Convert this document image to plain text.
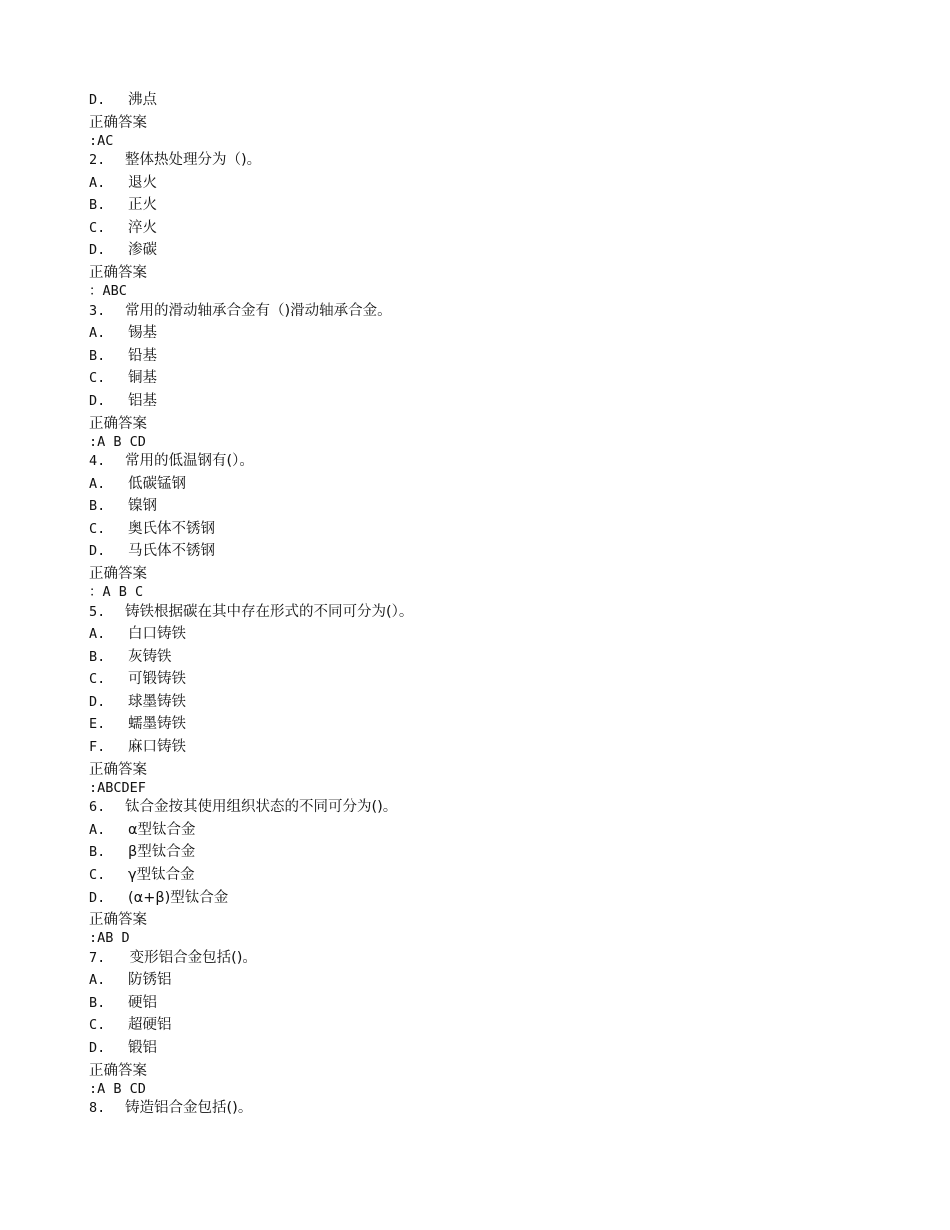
D. 沸点
正确答案
:AC
2. 整体热处理分为（)。
A. 退火
B. 正火
C. 淬火
D. 渗碳
正确答案
：ABC
3. 常用的滑动轴承合金有（)滑动轴承合金。
A. 锡基
B. 铅基
C. 铜基
D. 铝基
正确答案
:A B CD
4. 常用的低温钢有(）。
A. 低碳锰钢
B. 镍钢
C. 奥氏体不锈钢
D. 马氏体不锈钢
正确答案
：A B C
5. 铸铁根据碳在其中存在形式的不同可分为(）。
A. 白口铸铁
B. 灰铸铁
C. 可锻铸铁
D. 球墨铸铁
E. 蠕墨铸铁
F. 麻口铸铁
正确答案
:ABCDEF
6. 钛合金按其使用组织状态的不同可分为()。
A. α型钛合金
B. β型钛合金
C. γ型钛合金
D. (α+β)型钛合金
正确答案
:AB D
7. 变形铝合金包括()。
A. 防锈铝
B. 硬铝
C. 超硬铝
D. 锻铝
正确答案
:A B CD
8. 铸造铝合金包括()。
